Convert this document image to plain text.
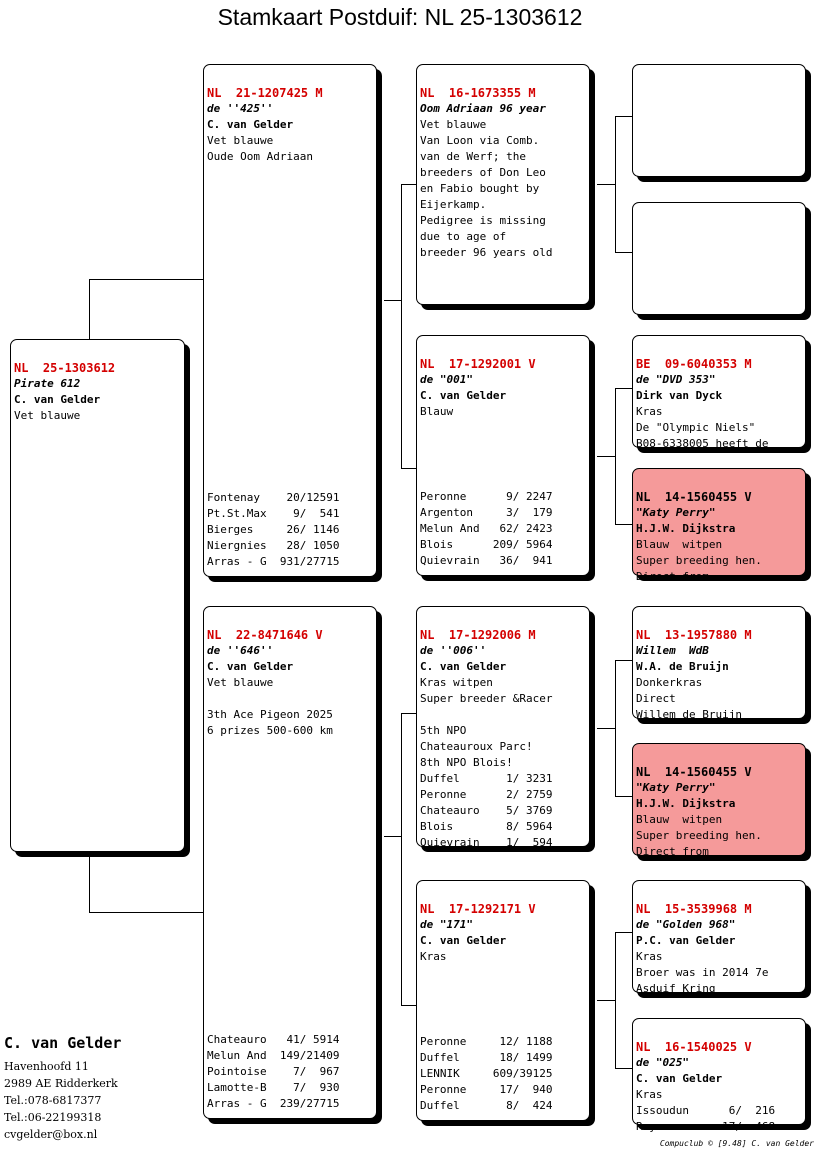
Stamkaart Postduif: NL 25-1303612

NL  25-1303612
Pirate 612
C. van Gelder
Vet blauwe

NL  21-1207425 M
de ''425''
C. van Gelder
Vet blauwe
Oude Oom Adriaan
Fontenay    20/12591
Pt.St.Max    9/  541
Bierges     26/ 1146
Niergnies   28/ 1050
Arras - G  931/27715

NL  22-8471646 V
de ''646''
C. van Gelder
Vet blauwe

3th Ace Pigeon 2025
6 prizes 500-600 km
Chateauro   41/ 5914
Melun And  149/21409
Pointoise    7/  967
Lamotte-B    7/  930
Arras - G  239/27715

NL  16-1673355 M
Oom Adriaan 96 year
Vet blauwe
Van Loon via Comb.
van de Werf; the
breeders of Don Leo
en Fabio bought by
Eijerkamp.
Pedigree is missing
due to age of
breeder 96 years old

NL  17-1292001 V
de "001"
C. van Gelder
Blauw
Peronne      9/ 2247
Argenton     3/  179
Melun And   62/ 2423
Blois      209/ 5964
Quievrain   36/  941

NL  17-1292006 M
de ''006''
C. van Gelder
Kras witpen
Super breeder &Racer

5th NPO
Chateauroux Parc!
8th NPO Blois!
Duffel       1/ 3231
Peronne      2/ 2759
Chateauro    5/ 3769
Blois        8/ 5964
Quievrain    1/  594

NL  17-1292171 V
de "171"
C. van Gelder
Kras
Peronne     12/ 1188
Duffel      18/ 1499
LENNIK     609/39125
Peronne     17/  940
Duffel       8/  424

BE  09-6040353 M
de "DVD 353"
Dirk van Dyck
Kras
De "Olympic Niels"
B08-6338005 heeft de

NL  14-1560455 V
"Katy Perry"
H.J.W. Dijkstra
Blauw  witpen
Super breeding hen.
Direct from

NL  13-1957880 M
Willem  WdB
W.A. de Bruijn
Donkerkras
Direct
Willem de Bruijn

NL  14-1560455 V
"Katy Perry"
H.J.W. Dijkstra
Blauw  witpen
Super breeding hen.
Direct from

NL  15-3539968 M
de "Golden 968"
P.C. van Gelder
Kras
Broer was in 2014 7e
Asduif Kring

NL  16-1540025 V
de "025"
C. van Gelder
Kras
Issoudun      6/  216
Roye.        17/  468

C. van Gelder
Havenhoofd 11
2989 AE Ridderkerk
Tel.:078-6817377
Tel.:06-22199318
cvgelder@box.nl
Compuclub © [9.48] C. van Gelder
